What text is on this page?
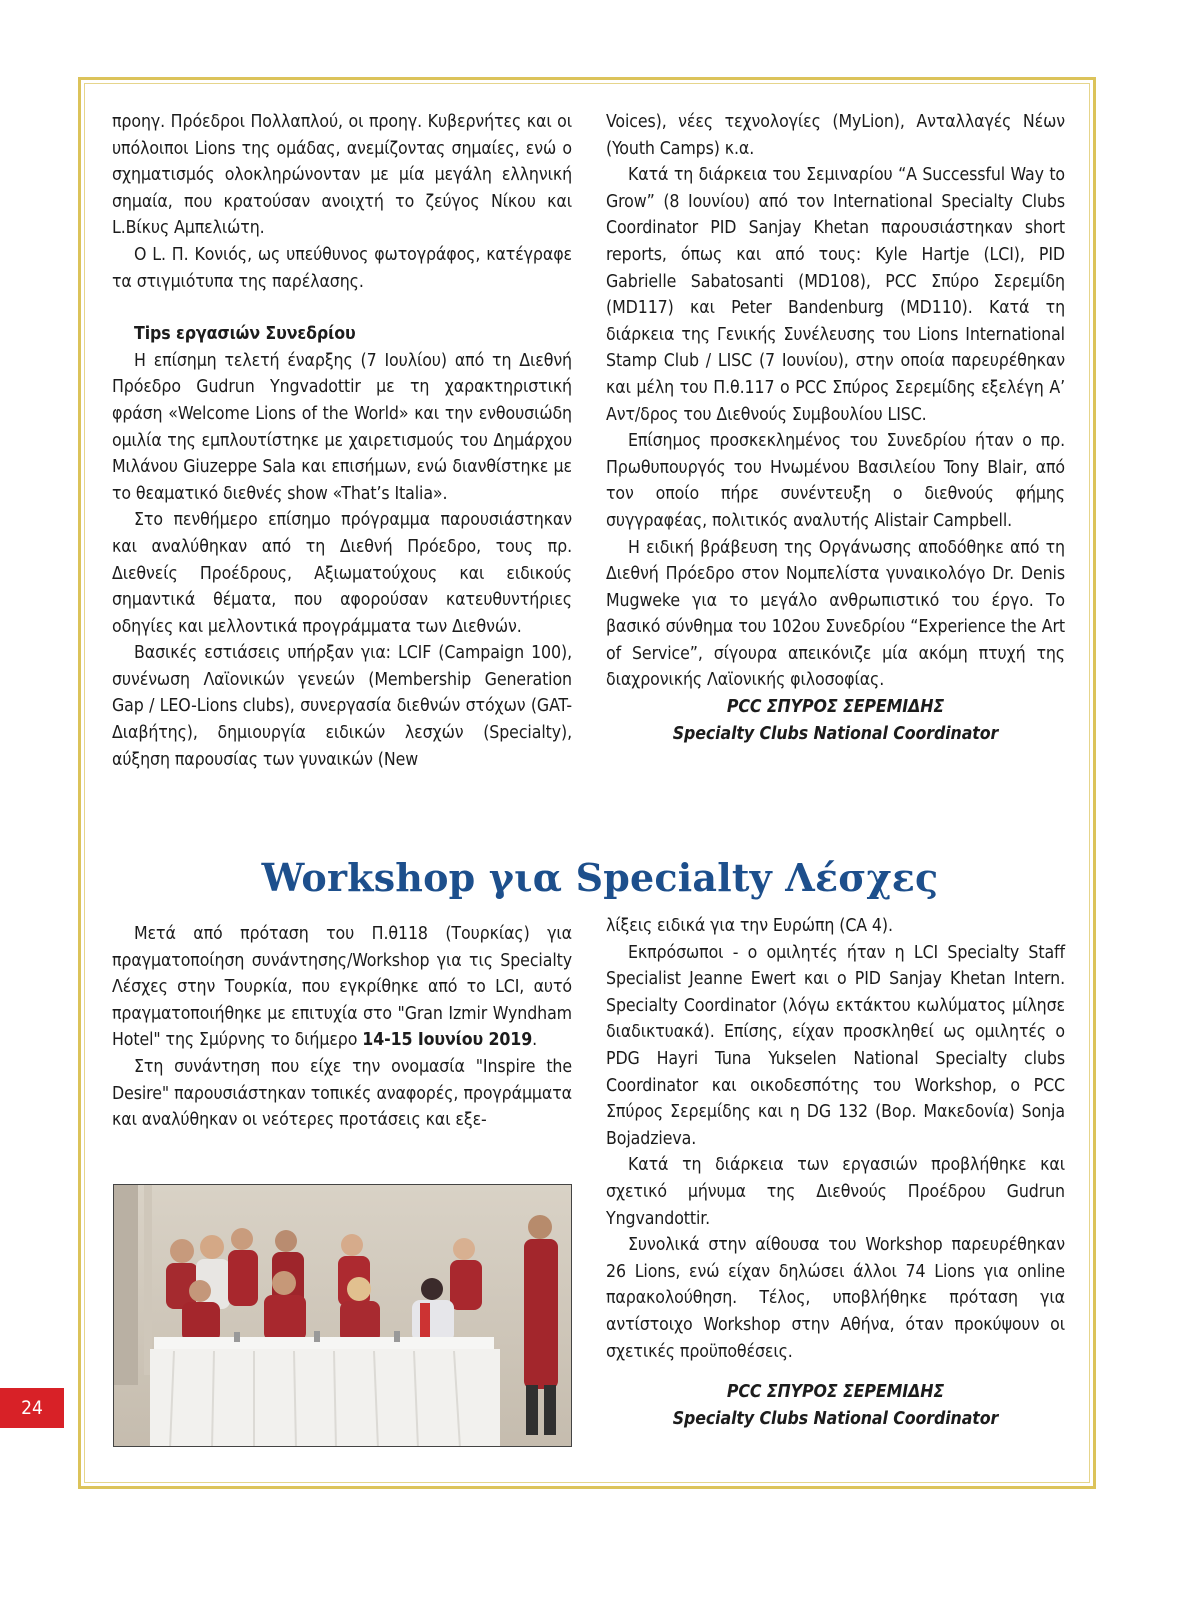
προηγ. Πρόεδροι Πολλαπλού, οι προηγ. Κυβερνήτες και οι υπόλοιποι Lions της ομάδας, ανεμίζοντας σημαίες, ενώ ο σχηματισμός ολοκληρώνονταν με μία μεγάλη ελληνική σημαία, που κρατούσαν ανοιχτή το ζεύγος Νίκου και L.Βίκυς Αμπελιώτη.

Ο L. Π. Κονιός, ως υπεύθυνος φωτογράφος, κατέγραφε τα στιγμιότυπα της παρέλασης.

Tips εργασιών Συνεδρίου

Η επίσημη τελετή έναρξης (7 Ιουλίου) από τη Διεθνή Πρόεδρο Gudrun Yngvadottir με τη χαρακτηριστική φράση «Welcome Lions of the World» και την ενθουσιώδη ομιλία της εμπλουτίστηκε με χαιρετισμούς του Δημάρχου Μιλάνου Giuzeppe Sala και επισήμων, ενώ διανθίστηκε με το θεαματικό διεθνές show «That’s Italia».

Στο πενθήμερο επίσημο πρόγραμμα παρουσιάστηκαν και αναλύθηκαν από τη Διεθνή Πρόεδρο, τους πρ. Διεθνείς Προέδρους, Αξιωματούχους και ειδικούς σημαντικά θέματα, που αφορούσαν κατευθυντήριες οδηγίες και μελλοντικά προγράμματα των Διεθνών.

Βασικές εστιάσεις υπήρξαν για: LCIF (Campaign 100), συνένωση Λαϊονικών γενεών (Membership Generation Gap / LEO-Lions clubs), συνεργασία διεθνών στόχων (GAT- Διαβήτης), δημιουργία ειδικών λεσχών (Specialty), αύξηση παρουσίας των γυναικών (New

Voices), νέες τεχνολογίες (MyLion), Ανταλλαγές Νέων (Youth Camps) κ.α.

Κατά τη διάρκεια του Σεμιναρίου “A Successful Way to Grow” (8 Ιουνίου) από τον International Specialty Clubs Coordinator PID Sanjay Khetan παρουσιάστηκαν short reports, όπως και από τους: Kyle Hartje (LCI), PID Gabrielle Sabatosanti (MD108), PCC Σπύρο Σερεμίδη (MD117) και Peter Bandenburg (MD110). Κατά τη διάρκεια της Γενικής Συνέλευσης του Lions International Stamp Club / LISC (7 Ιουνίου), στην οποία παρευρέθηκαν και μέλη του Π.θ.117 ο PCC Σπύρος Σερεμίδης εξελέγη Α’ Αντ/δρος του Διεθνούς Συμβουλίου LISC.

Επίσημος προσκεκλημένος του Συνεδρίου ήταν ο πρ. Πρωθυπουργός του Ηνωμένου Βασιλείου Tony Blair, από τον οποίο πήρε συνέντευξη ο διεθνούς φήμης συγγραφέας, πολιτικός αναλυτής Alistair Campbell.

Η ειδική βράβευση της Οργάνωσης αποδόθηκε από τη Διεθνή Πρόεδρο στον Νομπελίστα γυναικολόγο Dr. Denis Mugweke για το μεγάλο ανθρωπιστικό του έργο. Το βασικό σύνθημα του 102ου Συνεδρίου “Experience the Art of Service”, σίγουρα απεικόνιζε μία ακόμη πτυχή της διαχρονικής Λαϊονικής φιλοσοφίας.

PCC ΣΠΥΡΟΣ ΣΕΡΕΜΙΔΗΣ
Specialty Clubs National Coordinator
Workshop για Specialty Λέσχες

Μετά από πρόταση του Π.θ118 (Τουρκίας) για πραγματοποίηση συνάντησης/Workshop για τις Specialty Λέσχες στην Τουρκία, που εγκρίθηκε από το LCI, αυτό πραγματοποιήθηκε με επιτυχία στο "Gran Izmir Wyndham Hotel" της Σμύρνης το διήμερο 14-15 Ιουνίου 2019.

Στη συνάντηση που είχε την ονομασία "Inspire the Desire" παρουσιάστηκαν τοπικές αναφορές, προγράμματα και αναλύθηκαν οι νεότερες προτάσεις και εξε-

λίξεις ειδικά για την Ευρώπη (CA 4).

Εκπρόσωποι - ο ομιλητές ήταν η LCI Specialty Staff Specialist Jeanne Ewert και ο PID Sanjay Khetan Intern. Specialty Coordinator (λόγω εκτάκτου κωλύματος μίλησε διαδικτυακά). Επίσης, είχαν προσκληθεί ως ομιλητές ο PDG Hayri Tuna Yukselen National Specialty clubs Coordinator και οικοδεσπότης του Workshop, ο PCC Σπύρος Σερεμίδης και η DG 132 (Βορ. Μακεδονία) Sonja Bojadzieva.

Κατά τη διάρκεια των εργασιών προβλήθηκε και σχετικό μήνυμα της Διεθνούς Προέδρου Gudrun Yngvandottir.

Συνολικά στην αίθουσα του Workshop παρευρέθηκαν 26 Lions, ενώ είχαν δηλώσει άλλοι 74 Lions για online παρακολούθηση. Τέλος, υποβλήθηκε πρόταση για αντίστοιχο Workshop στην Αθήνα, όταν προκύψουν οι σχετικές προϋποθέσεις.

PCC ΣΠΥΡΟΣ ΣΕΡΕΜΙΔΗΣ
Specialty Clubs National Coordinator
24
